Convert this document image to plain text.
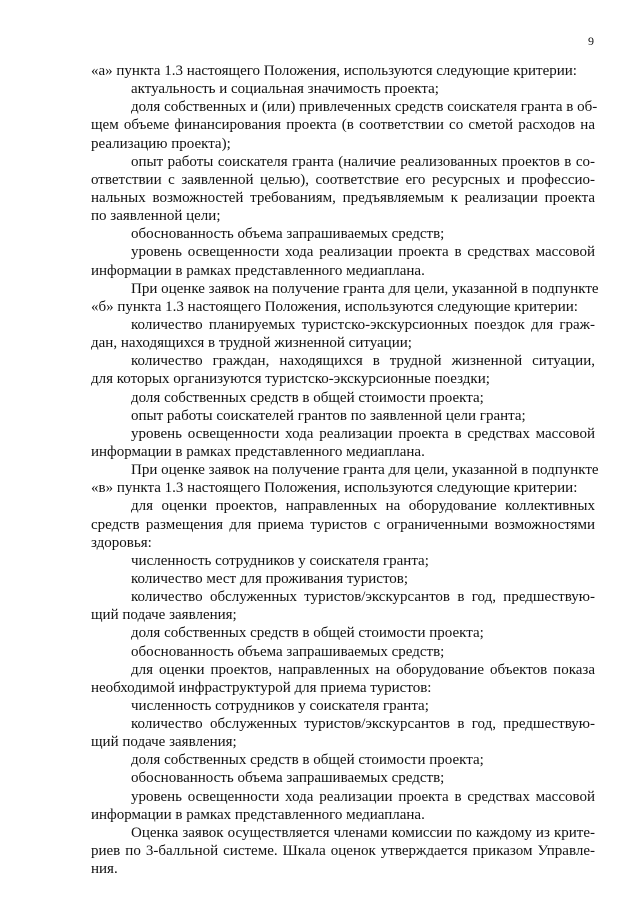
9
«а» пункта 1.3 настоящего Положения, используются следующие критерии:
актуальность и социальная значимость проекта;
доля собственных и (или) привлеченных средств соискателя гранта в об-
щем объеме финансирования проекта (в соответствии со сметой расходов на
реализацию проекта);
опыт работы соискателя гранта (наличие реализованных проектов в со-
ответствии с заявленной целью), соответствие его ресурсных и профессио-
нальных возможностей требованиям, предъявляемым к реализации проекта
по заявленной цели;
обоснованность объема запрашиваемых средств;
уровень освещенности хода реализации проекта в средствах массовой
информации в рамках представленного медиаплана.
При оценке заявок на получение гранта для цели, указанной в подпункте
«б» пункта 1.3 настоящего Положения, используются следующие критерии:
количество планируемых туристско-экскурсионных поездок для граж-
дан, находящихся в трудной жизненной ситуации;
количество граждан, находящихся в трудной жизненной ситуации,
для которых организуются туристско-экскурсионные поездки;
доля собственных средств в общей стоимости проекта;
опыт работы соискателей грантов по заявленной цели гранта;
уровень освещенности хода реализации проекта в средствах массовой
информации в рамках представленного медиаплана.
При оценке заявок на получение гранта для цели, указанной в подпункте
«в» пункта 1.3 настоящего Положения, используются следующие критерии:
для оценки проектов, направленных на оборудование коллективных
средств размещения для приема туристов с ограниченными возможностями
здоровья:
численность сотрудников у соискателя гранта;
количество мест для проживания туристов;
количество обслуженных туристов/экскурсантов в год, предшествую-
щий подаче заявления;
доля собственных средств в общей стоимости проекта;
обоснованность объема запрашиваемых средств;
для оценки проектов, направленных на оборудование объектов показа
необходимой инфраструктурой для приема туристов:
численность сотрудников у соискателя гранта;
количество обслуженных туристов/экскурсантов в год, предшествую-
щий подаче заявления;
доля собственных средств в общей стоимости проекта;
обоснованность объема запрашиваемых средств;
уровень освещенности хода реализации проекта в средствах массовой
информации в рамках представленного медиаплана.
Оценка заявок осуществляется членами комиссии по каждому из крите-
риев по 3-балльной системе. Шкала оценок утверждается приказом Управле-
ния.
